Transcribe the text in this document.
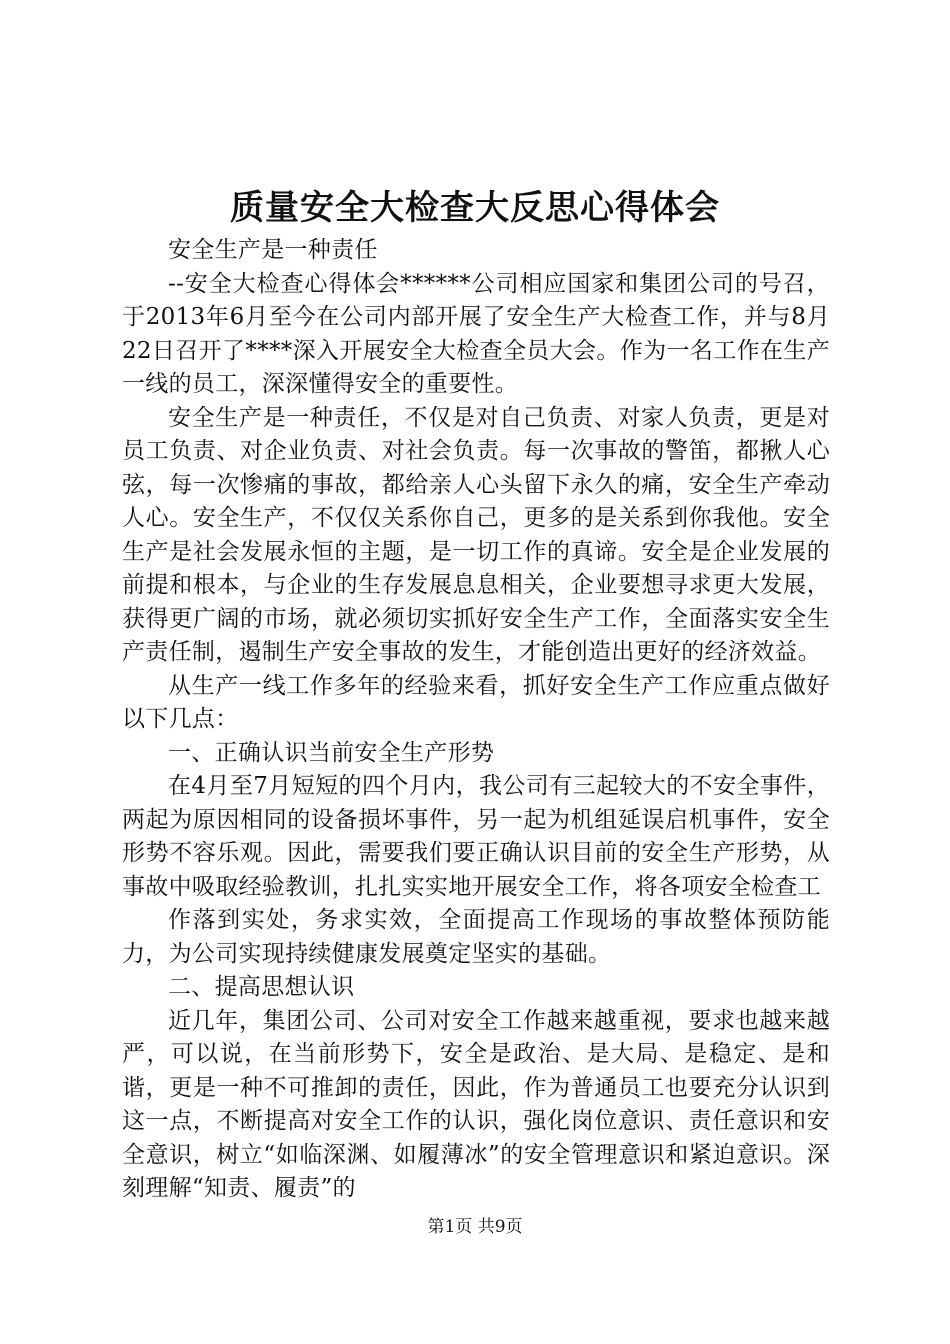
质量安全大检查大反思心得体会

安全生产是一种责任

--安全大检查心得体会******公司相应国家和集团公司的号召，于2013年6月至今在公司内部开展了安全生产大检查工作，并与8月22日召开了****深入开展安全大检查全员大会。作为一名工作在生产一线的员工，深深懂得安全的重要性。

安全生产是一种责任，不仅是对自己负责、对家人负责，更是对员工负责、对企业负责、对社会负责。每一次事故的警笛，都揪人心弦，每一次惨痛的事故，都给亲人心头留下永久的痛，安全生产牵动人心。安全生产，不仅仅关系你自己，更多的是关系到你我他。安全生产是社会发展永恒的主题，是一切工作的真谛。安全是企业发展的前提和根本，与企业的生存发展息息相关，企业要想寻求更大发展，获得更广阔的市场，就必须切实抓好安全生产工作，全面落实安全生产责任制，遏制生产安全事故的发生，才能创造出更好的经济效益。

从生产一线工作多年的经验来看，抓好安全生产工作应重点做好以下几点：

一、正确认识当前安全生产形势

在4月至7月短短的四个月内，我公司有三起较大的不安全事件，两起为原因相同的设备损坏事件，另一起为机组延误启机事件，安全形势不容乐观。因此，需要我们要正确认识目前的安全生产形势，从事故中吸取经验教训，扎扎实实地开展安全工作，将各项安全检查工

作落到实处，务求实效，全面提高工作现场的事故整体预防能力，为公司实现持续健康发展奠定坚实的基础。

二、提高思想认识

近几年，集团公司、公司对安全工作越来越重视，要求也越来越严，可以说，在当前形势下，安全是政治、是大局、是稳定、是和谐，更是一种不可推卸的责任，因此，作为普通员工也要充分认识到这一点，不断提高对安全工作的认识，强化岗位意识、责任意识和安全意识，树立“如临深渊、如履薄冰”的安全管理意识和紧迫意识。深刻理解“知责、履责”的

第1页 共9页
